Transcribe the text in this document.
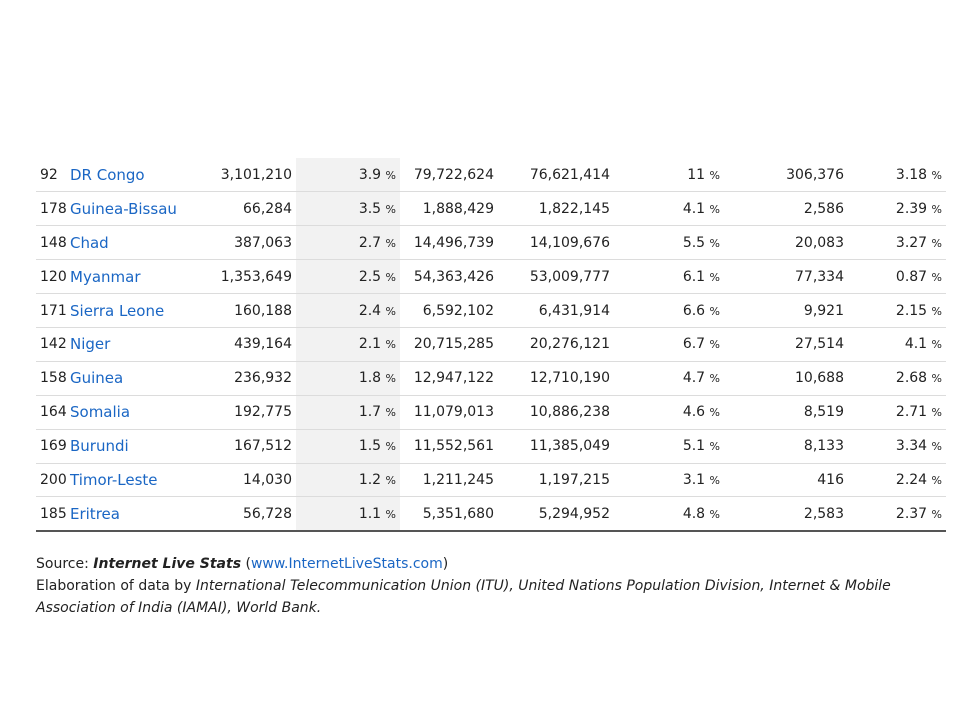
92	DR Congo	3,101,210	3.9 %	79,722,624	76,621,414	11 %	306,376	3.18 %
178	Guinea-Bissau	66,284	3.5 %	1,888,429	1,822,145	4.1 %	2,586	2.39 %
148	Chad	387,063	2.7 %	14,496,739	14,109,676	5.5 %	20,083	3.27 %
120	Myanmar	1,353,649	2.5 %	54,363,426	53,009,777	6.1 %	77,334	0.87 %
171	Sierra Leone	160,188	2.4 %	6,592,102	6,431,914	6.6 %	9,921	2.15 %
142	Niger	439,164	2.1 %	20,715,285	20,276,121	6.7 %	27,514	4.1 %
158	Guinea	236,932	1.8 %	12,947,122	12,710,190	4.7 %	10,688	2.68 %
164	Somalia	192,775	1.7 %	11,079,013	10,886,238	4.6 %	8,519	2.71 %
169	Burundi	167,512	1.5 %	11,552,561	11,385,049	5.1 %	8,133	3.34 %
200	Timor-Leste	14,030	1.2 %	1,211,245	1,197,215	3.1 %	416	2.24 %
185	Eritrea	56,728	1.1 %	5,351,680	5,294,952	4.8 %	2,583	2.37 %
Source: Internet Live Stats (www.InternetLiveStats.com)
Elaboration of data by International Telecommunication Union (ITU), United Nations Population Division, Internet & Mobile Association of India (IAMAI), World Bank.
